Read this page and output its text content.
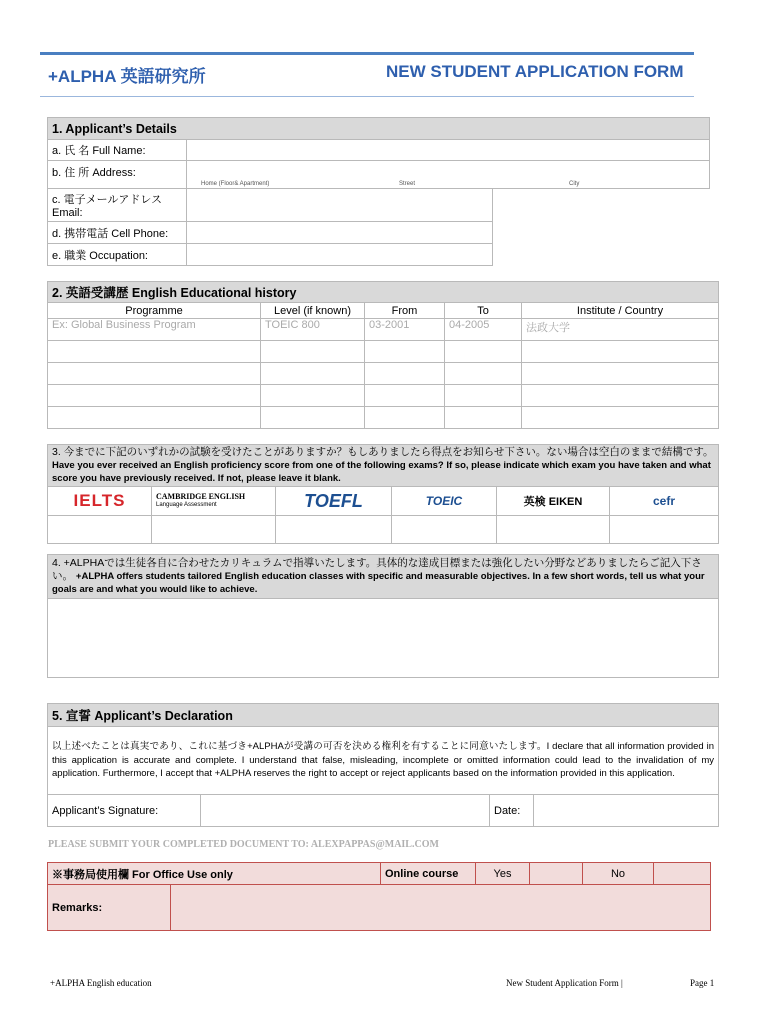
+ALPHA 英語研究所	NEW STUDENT APPLICATION FORM
1. Applicant’s Details	
a. 氏 名 Full Name:	
b. 住 所 Address:	Home (Floor& Apartment) Street City
c. 電子メールアドレス Email:	
d. 携帯電話 Cell Phone:	
e. 職業 Occupation:	
2. 英語受講歴 English Educational history				
Programme	Level (if known)	From	To	Institute / Country
Ex: Global Business Program	TOEIC 800	03-2001	04-2005	法政大学

3. 今までに下記のいずれかの試験を受けたことがありますか？もしありましたら得点をお知らせ下さい。ない場合は空白のままで結構です。 Have you ever received an English proficiency score from one of the following exams? If so, please indicate which exam you have taken and what score you have previously received. If not, please leave it blank.					

IELTS	CAMBRIDGE ENGLISH
Language Assessment	TOEFL	TOEIC	英検 EIKEN	cefr

4. +ALPHAでは生徒各自に合わせたカリキュラムで指導いたします。具体的な達成目標または強化したい分野などありましたらご記入下さい。 +ALPHA offers students tailored English education classes with specific and measurable objectives. In a few short words, tell us what your goals are and what you would like to achieve.

5. 宣誓 Applicant’s Declaration
以上述べたことは真実であり、これに基づき+ALPHAが受講の可否を決める権利を有することに同意いたします。I declare that all information provided in this application is accurate and complete. I understand that false, misleading, incomplete or omitted information could lead to the invalidation of my application. Furthermore, I accept that +ALPHA reserves the right to accept or reject applicants based on the information provided in this application.
Applicant’s Signature:		Date:	
PLEASE SUBMIT YOUR COMPLETED DOCUMENT TO: ALEXPAPPAS@MAIL.COM
※事務局使用欄 For Office Use only		Online course	Yes		No	
Remarks:						
+ALPHA English education	New Student Application Form |	Page 1
